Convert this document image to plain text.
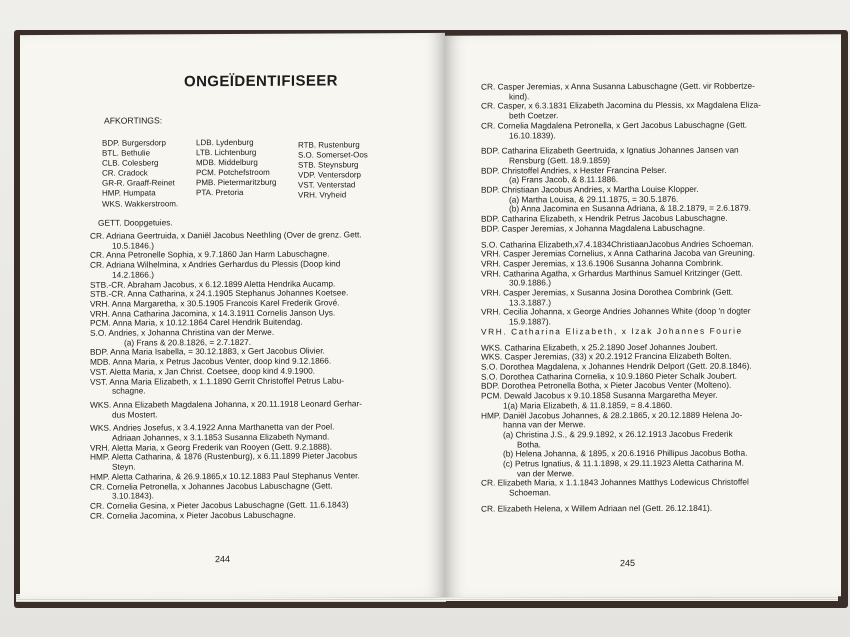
ONGEÏDENTIFISEER
AFKORTINGS:
BDP. Burgersdorp
BTL. Bethulie
CLB. Colesberg
CR. Cradock
GR-R. Graaff-Reinet
HMP. Humpata
WKS. Wakkerstroom.
LDB. Lydenburg
LTB. Lichtenburg
MDB. Middelburg
PCM. Potchefstroom
PMB. Pietermaritzburg
PTA. Pretoria
RTB. Rustenburg
S.O. Somerset-Oos
STB. Steynsburg
VDP. Ventersdorp
VST. Venterstad
VRH. Vryheid
GETT. Doopgetuies.
CR. Adriana Geertruida, x Daniël Jacobus Neethling (Over de grenz. Gett.
10.5.1846.)
CR. Anna Petronelle Sophia, x 9.7.1860 Jan Harm Labuschagne.
CR. Adriana Wilhelmina, x Andries Gerhardus du Plessis (Doop kind
14.2.1866.)
STB.-CR. Abraham Jacobus, x 6.12.1899 Aletta Hendrika Aucamp.
STB.-CR. Anna Catharina, x 24.1.1905 Stephanus Johannes Koetsee.
VRH. Anna Margaretha, x 30.5.1905 Francois Karel Frederik Grové.
VRH. Anna Catharina Jacomina, x 14.3.1911 Cornelis Janson Uys.
PCM. Anna Maria, x 10.12.1864 Carel Hendrik Buitendag.
S.O. Andries, x Johanna Christina van der Merwe.
(a) Frans & 20.8.1826, = 2.7.1827.
BDP. Anna Maria Isabella, = 30.12.1883, x Gert Jacobus Olivier.
MDB. Anna Maria, x Petrus Jacobus Venter, doop kind 9.12.1866.
VST. Aletta Maria, x Jan Christ. Coetsee, doop kind 4.9.1900.
VST. Anna Maria Elizabeth, x 1.1.1890 Gerrit Christoffel Petrus Labu-
schagne.
WKS. Anna Elizabeth Magdalena Johanna, x 20.11.1918 Leonard Gerhar-
dus Mostert.
WKS. Andries Josefus, x 3.4.1922 Anna Marthanetta van der Poel.
Adriaan Johannes, x 3.1.1853 Susanna Elizabeth Nymand.
VRH. Aletta Maria, x Georg Frederik van Rooyen (Gett. 9.2.1888).
HMP. Aletta Catharina, & 1876 (Rustenburg), x 6.11.1899 Pieter Jacobus
Steyn.
HMP. Aletta Catharina, & 26.9.1865,x 10.12.1883 Paul Stephanus Venter.
CR. Cornelia Petronella, x Johannes Jacobus Labuschagne (Gett.
3.10.1843).
CR. Cornelia Gesina, x Pieter Jacobus Labuschagne (Gett. 11.6.1843)
CR. Cornelia Jacomina, x Pieter Jacobus Labuschagne.
244
CR. Casper Jeremias, x Anna Susanna Labuschagne (Gett. vir Robbertze-
kind).
CR. Casper, x 6.3.1831 Elizabeth Jacomina du Plessis, xx Magdalena Eliza-
beth Coetzer.
CR. Cornelia Magdalena Petronella, x Gert Jacobus Labuschagne (Gett.
16.10.1839).
BDP. Catharina Elizabeth Geertruida, x Ignatius Johannes Jansen van
Rensburg (Gett. 18.9.1859)
BDP. Christoffel Andries, x Hester Francina Pelser.
(a) Frans Jacob, & 8.11.1886.
BDP. Christiaan Jacobus Andries, x Martha Louise Klopper.
(a) Martha Louisa, & 29.11.1875, = 30.5.1876.
(b) Anna Jacomina en Susanna Adriana, & 18.2.1879, = 2.6.1879.
BDP. Catharina Elizabeth, x Hendrik Petrus Jacobus Labuschagne.
BDP. Casper Jeremias, x Johanna Magdalena Labuschagne.
S.O. Catharina Elizabeth,x7.4.1834ChristiaanJacobus Andries Schoeman.
VRH. Casper Jeremias Cornelius, x Anna Catharina Jacoba van Greuning.
VRH. Casper Jeremias, x 13.6.1906 Susanna Johanna Combrink.
VRH. Catharina Agatha, x Grhardus Marthinus Samuel Kritzinger (Gett.
30.9.1886.)
VRH. Casper Jeremias, x Susanna Josina Dorothea Combrink (Gett.
13.3.1887.)
VRH. Cecilia Johanna, x George Andries Johannes White (doop 'n dogter
15.9.1887).
VRH. Catharina Elizabeth, x Izak Johannes Fourie
WKS. Catharina Elizabeth, x 25.2.1890 Josef Johannes Joubert.
WKS. Casper Jeremias, (33) x 20.2.1912 Francina Elizabeth Bolten.
S.O. Dorothea Magdalena, x Johannes Hendrik Delport (Gett. 20.8.1846).
S.O. Dorothea Catharina Cornelia, x 10.9.1860 Pieter Schalk Joubert.
BDP. Dorothea Petronella Botha, x Pieter Jacobus Venter (Molteno).
PCM. Dewald Jacobus x 9.10.1858 Susanna Margaretha Meyer.
1(a) Maria Elizabeth, & 11.8.1859, = 8.4.1860.
HMP. Daniël Jacobus Johannes, & 28.2.1865, x 20.12.1889 Helena Jo-
hanna van der Merwe.
(a) Christina J.S., & 29.9.1892, x 26.12.1913 Jacobus Frederik
Botha.
(b) Helena Johanna, & 1895, x 20.6.1916 Phillipus Jacobus Botha.
(c) Petrus Ignatius, & 11.1.1898, x 29.11.1923 Aletta Catharina M.
van der Merwe.
CR. Elizabeth Maria, x 1.1.1843 Johannes Matthys Lodewicus Christoffel
Schoeman.
CR. Elizabeth Helena, x Willem Adriaan nel (Gett. 26.12.1841).
245
